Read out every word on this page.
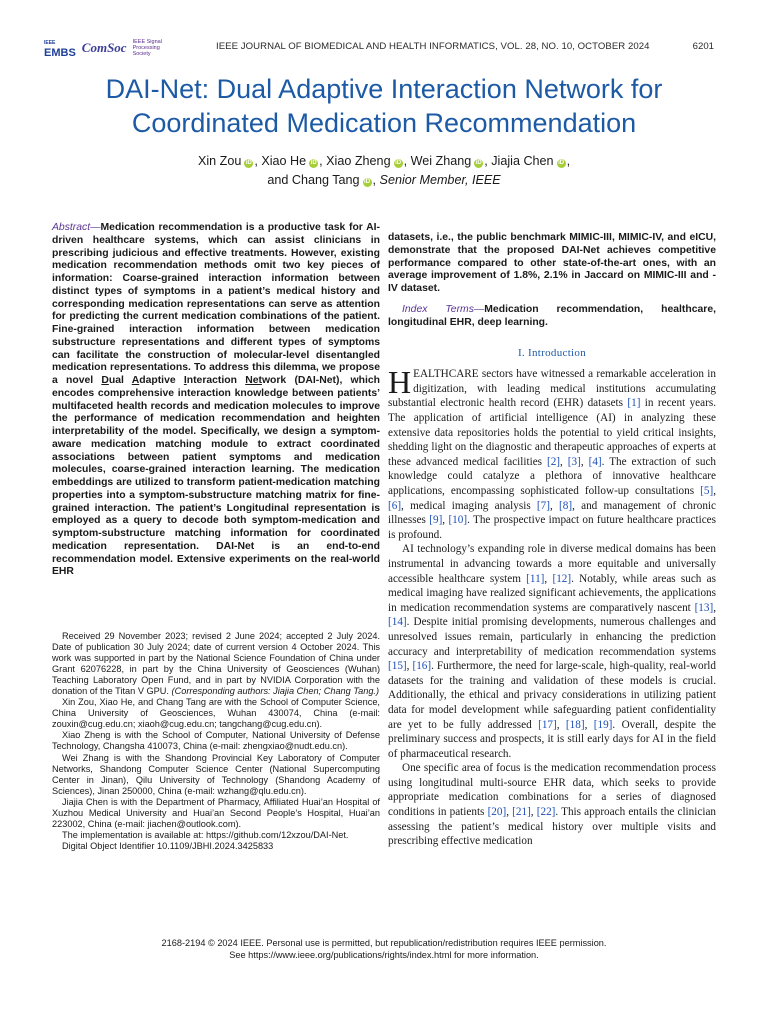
IEEE
EMBS ComSoc IEEE Signal Processing Society
IEEE JOURNAL OF BIOMEDICAL AND HEALTH INFORMATICS, VOL. 28, NO. 10, OCTOBER 2024	6201
DAI-Net: Dual Adaptive Interaction Network for Coordinated Medication Recommendation
Xin Zou iD , Xiao He iD , Xiao Zheng iD , Wei Zhang iD , Jiajia Chen iD ,
and Chang Tang iD , Senior Member, IEEE

Abstract—Medication recommendation is a productive task for AI-driven healthcare systems, which can assist clinicians in prescribing judicious and effective treatments. However, existing medication recommendation methods omit two key pieces of information: Coarse-grained interaction information between distinct types of symptoms in a patient’s medical history and corresponding medication representations can serve as attention for predicting the current medication combinations of the patient. Fine-grained interaction information between medication substructure representations and different types of symptoms can facilitate the construction of molecular-level disentangled medication representations. To address this dilemma, we propose a novel Dual Adaptive Interaction Network (DAI-Net), which encodes comprehensive interaction knowledge between patients’ multifaceted health records and medication molecules to improve the performance of medication recommendation and heighten interpretability of the model. Specifically, we design a symptom-aware medication matching module to extract coordinated associations between patient symptoms and medication molecules, coarse-grained interaction learning. The medication embeddings are utilized to transform patient-medication matching properties into a symptom-substructure matching matrix for fine-grained interaction. The patient’s Longitudinal representation is employed as a query to decode both symptom-medication and symptom-substructure matching information for coordinated medication representation. DAI-Net is an end-to-end recommendation model. Extensive experiments on the real-world EHR

Received 29 November 2023; revised 2 June 2024; accepted 2 July 2024. Date of publication 30 July 2024; date of current version 4 October 2024. This work was supported in part by the National Science Foundation of China under Grant 62076228, in part by the China University of Geosciences (Wuhan) Teaching Laboratory Open Fund, and in part by NVIDIA Corporation with the donation of the Titan V GPU. (Corresponding authors: Jiajia Chen; Chang Tang.)

Xin Zou, Xiao He, and Chang Tang are with the School of Computer Science, China University of Geosciences, Wuhan 430074, China (e-mail: zouxin@cug.edu.cn; xiaoh@cug.edu.cn; tangchang@cug.edu.cn).

Xiao Zheng is with the School of Computer, National University of Defense Technology, Changsha 410073, China (e-mail: zhengxiao@nudt.edu.cn).

Wei Zhang is with the Shandong Provincial Key Laboratory of Computer Networks, Shandong Computer Science Center (National Supercomputing Center in Jinan), Qilu University of Technology (Shandong Academy of Sciences), Jinan 250000, China (e-mail: wzhang@qlu.edu.cn).

Jiajia Chen is with the Department of Pharmacy, Affiliated Huai’an Hospital of Xuzhou Medical University and Huai’an Second People’s Hospital, Huai’an 223002, China (e-mail: jiachen@outlook.com).

The implementation is available at: https://github.com/12xzou/DAI-Net.

Digital Object Identifier 10.1109/JBHI.2024.3425833

datasets, i.e., the public benchmark MIMIC-III, MIMIC-IV, and eICU, demonstrate that the proposed DAI-Net achieves competitive performance compared to other state-of-the-art ones, with an average improvement of 1.8%, 2.1% in Jaccard on MIMIC-III and -IV dataset.

Index Terms—Medication recommendation, healthcare, longitudinal EHR, deep learning.

I. Introduction

HEALTHCARE sectors have witnessed a remarkable acceleration in digitization, with leading medical institutions accumulating substantial electronic health record (EHR) datasets [1] in recent years. The application of artificial intelligence (AI) in analyzing these extensive data repositories holds the potential to yield critical insights, shedding light on the diagnostic and therapeutic approaches of experts at these advanced medical facilities [2], [3], [4]. The extraction of such knowledge could catalyze a plethora of innovative healthcare applications, encompassing sophisticated follow-up consultations [5], [6], medical imaging analysis [7], [8], and management of chronic illnesses [9], [10]. The prospective impact on future healthcare practices is profound.

AI technology’s expanding role in diverse medical domains has been instrumental in advancing towards a more equitable and universally accessible healthcare system [11], [12]. Notably, while areas such as medical imaging have realized significant achievements, the applications in medication recommendation systems are comparatively nascent [13], [14]. Despite initial promising developments, numerous challenges and unresolved issues remain, particularly in enhancing the prediction accuracy and interpretability of medication recommendation systems [15], [16]. Furthermore, the need for large-scale, high-quality, real-world datasets for the training and validation of these models is crucial. Additionally, the ethical and privacy considerations in utilizing patient data for model development while safeguarding patient confidentiality are yet to be fully addressed [17], [18], [19]. Overall, despite the preliminary success and prospects, it is still early days for AI in the field of pharmaceutical research.

One specific area of focus is the medication recommendation process using longitudinal multi-source EHR data, which seeks to provide appropriate medication combinations for a series of diagnosed conditions in patients [20], [21], [22]. This approach entails the clinician assessing the patient’s medical history over multiple visits and prescribing effective medication

2168-2194 © 2024 IEEE. Personal use is permitted, but republication/redistribution requires IEEE permission.
See https://www.ieee.org/publications/rights/index.html for more information.
